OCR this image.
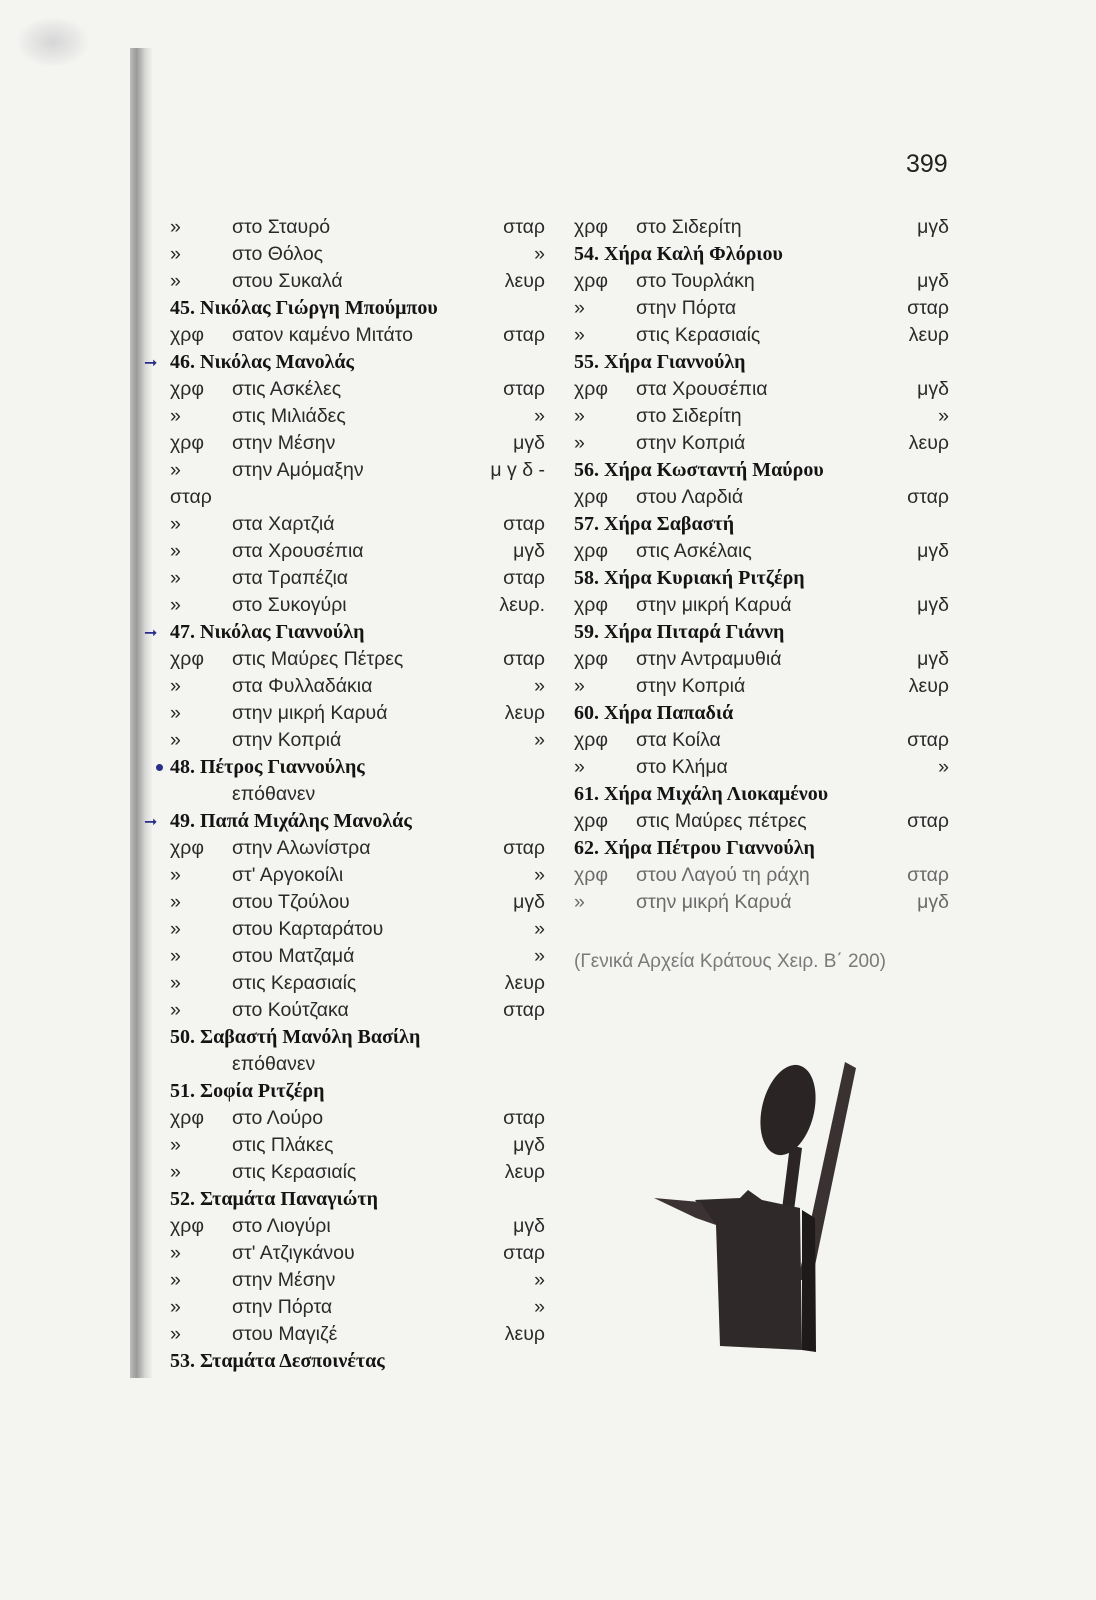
399
»	στο Σταυρό	σταρ
»	στο Θόλος	»
»	στου Συκαλά	λευρ
45. Νικόλας Γιώργη Μπούμπου
χρφ σατον καμένο Μιτάτο	σταρ
➞ 46. Νικόλας Μανολάς
χρφ στις Ασκέλες	σταρ
»	στις Μιλιάδες	»
χρφ στην Μέσην	μγδ
»	στην Αμόμαξην	μ γ δ -
σταρ
»	στα Χαρτζιά	σταρ
»	στα Χρουσέπια	μγδ
»	στα Τραπέζια	σταρ
»	στο Συκογύρι	λευρ.
➞ 47. Νικόλας Γιαννούλη
χρφ στις Μαύρες Πέτρες	σταρ
»	στα Φυλλαδάκια	»
»	στην μικρή Καρυά	λευρ
»	στην Κοπριά	»
48. Πέτρος Γιαννούλης
επόθανεν
➞ 49. Παπά Μιχάλης Μανολάς
χρφ στην Αλωνίστρα	σταρ
»	στ' Αργοκοίλι	»
»	στου Τζούλου	μγδ
»	στου Καρταράτου	»
»	στου Ματζαμά	»
»	στις Κερασιαίς	λευρ
»	στο Κούτζακα	σταρ
50. Σαβαστή Μανόλη Βασίλη
επόθανεν
51. Σοφία Ριτζέρη
χρφ στο Λούρο	σταρ
»	στις Πλάκες	μγδ
»	στις Κερασιαίς	λευρ
52. Σταμάτα Παναγιώτη
χρφ στο Λιογύρι	μγδ
»	στ' Ατζιγκάνου	σταρ
»	στην Μέσην	»
»	στην Πόρτα	»
»	στου Μαγιζέ	λευρ
53. Σταμάτα Δεσποινέτας
χρφ στο Σιδερίτη	μγδ
54. Χήρα Καλή Φλόριου
χρφ στο Τουρλάκη	μγδ
»	στην Πόρτα	σταρ
»	στις Κερασιαίς	λευρ
55. Χήρα Γιαννούλη
χρφ στα Χρουσέπια	μγδ
»	στο Σιδερίτη	»
»	στην Κοπριά	λευρ
56. Χήρα Κωσταντή Μαύρου
χρφ στου Λαρδιά	σταρ
57. Χήρα Σαβαστή
χρφ στις Ασκέλαις	μγδ
58. Χήρα Κυριακή Ριτζέρη
χρφ στην μικρή Καρυά	μγδ
59. Χήρα Πιταρά Γιάννη
χρφ στην Αντραμυθιά	μγδ
»	στην Κοπριά	λευρ
60. Χήρα Παπαδιά
χρφ στα Κοίλα	σταρ
»	στο Κλήμα	»
61. Χήρα Μιχάλη Λιοκαμένου
χρφ στις Μαύρες πέτρες	σταρ
62. Χήρα Πέτρου Γιαννούλη
χρφ στου Λαγού τη ράχη	σταρ
»	στην μικρή Καρυά	μγδ
(Γενικά Αρχεία Κράτους Χειρ. Β΄ 200)
